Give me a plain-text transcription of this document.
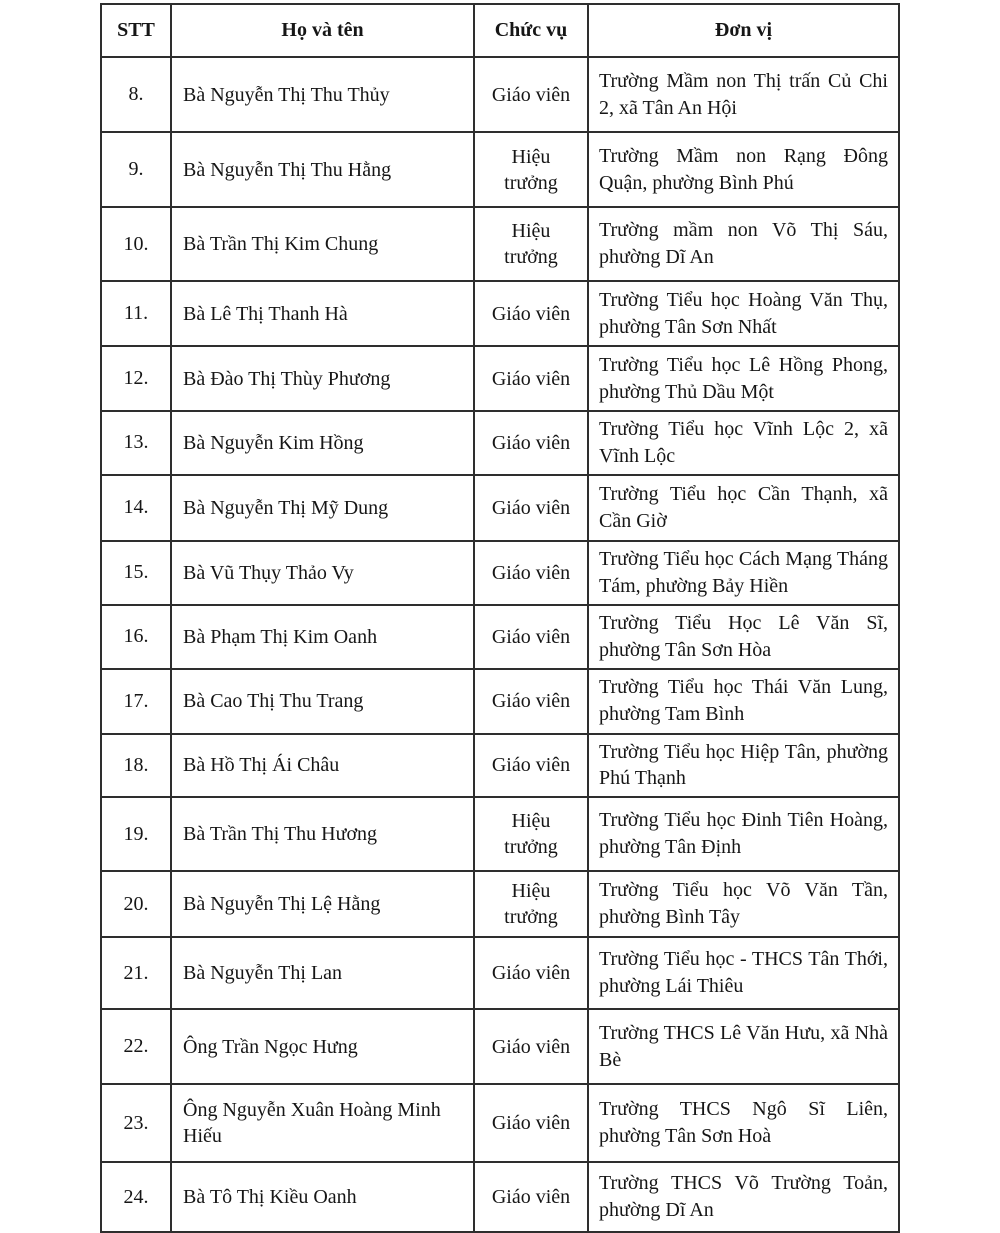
STT	Họ và tên	Chức vụ	Đơn vị
8.	Bà Nguyễn Thị Thu Thủy	Giáo viên	Trường Mầm non Thị trấn Củ Chi 2, xã Tân An Hội
9.	Bà Nguyễn Thị Thu Hằng	Hiệu trưởng	Trường Mầm non Rạng Đông Quận, phường Bình Phú
10.	Bà Trần Thị Kim Chung	Hiệu trưởng	Trường mầm non Võ Thị Sáu, phường Dĩ An
11.	Bà Lê Thị Thanh Hà	Giáo viên	Trường Tiểu học Hoàng Văn Thụ, phường Tân Sơn Nhất
12.	Bà Đào Thị Thùy Phương	Giáo viên	Trường Tiểu học Lê Hồng Phong, phường Thủ Dầu Một
13.	Bà Nguyễn Kim Hồng	Giáo viên	Trường Tiểu học Vĩnh Lộc 2, xã Vĩnh Lộc
14.	Bà Nguyễn Thị Mỹ Dung	Giáo viên	Trường Tiểu học Cần Thạnh, xã Cần Giờ
15.	Bà Vũ Thụy Thảo Vy	Giáo viên	Trường Tiểu học Cách Mạng Tháng Tám, phường Bảy Hiền
16.	Bà Phạm Thị Kim Oanh	Giáo viên	Trường Tiểu Học Lê Văn Sĩ, phường Tân Sơn Hòa
17.	Bà Cao Thị Thu Trang	Giáo viên	Trường Tiểu học Thái Văn Lung, phường Tam Bình
18.	Bà Hồ Thị Ái Châu	Giáo viên	Trường Tiểu học Hiệp Tân, phường Phú Thạnh
19.	Bà Trần Thị Thu Hương	Hiệu trưởng	Trường Tiểu học Đinh Tiên Hoàng, phường Tân Định
20.	Bà Nguyễn Thị Lệ Hằng	Hiệu trưởng	Trường Tiểu học Võ Văn Tần, phường Bình Tây
21.	Bà Nguyễn Thị Lan	Giáo viên	Trường Tiểu học - THCS Tân Thới, phường Lái Thiêu
22.	Ông Trần Ngọc Hưng	Giáo viên	Trường THCS Lê Văn Hưu, xã Nhà Bè
23.	Ông Nguyễn Xuân Hoàng Minh Hiếu	Giáo viên	Trường THCS Ngô Sĩ Liên, phường Tân Sơn Hoà
24.	Bà Tô Thị Kiều Oanh	Giáo viên	Trường THCS Võ Trường Toản, phường Dĩ An
